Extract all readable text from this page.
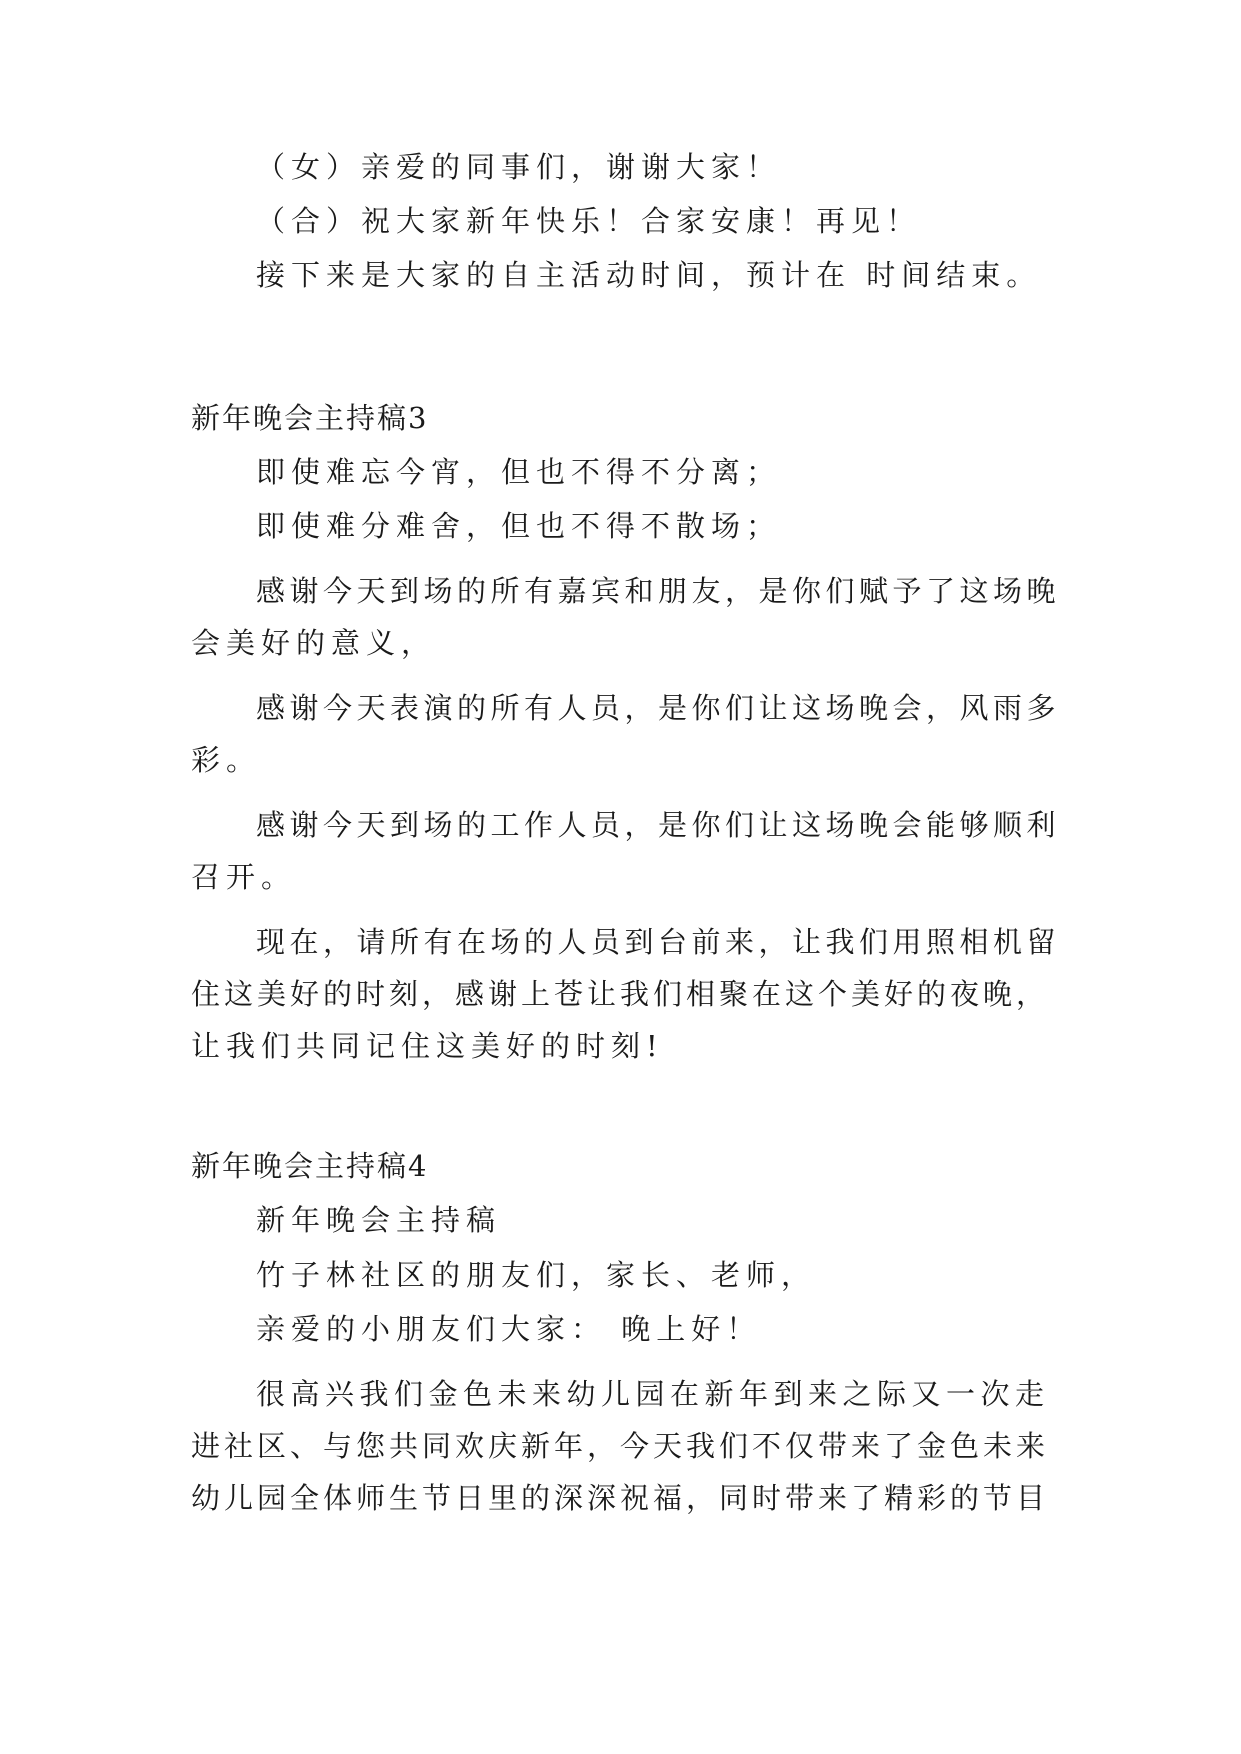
（女）亲爱的同事们，谢谢大家！
（合）祝大家新年快乐！合家安康！再见！
接下来是大家的自主活动时间，预计在 时间结束。
新年晚会主持稿3
即使难忘今宵，但也不得不分离；
即使难分难舍，但也不得不散场；
感谢今天到场的所有嘉宾和朋友，是你们赋予了这场晚
会美好的意义，
感谢今天表演的所有人员，是你们让这场晚会，风雨多
彩。
感谢今天到场的工作人员，是你们让这场晚会能够顺利
召开。
现在，请所有在场的人员到台前来，让我们用照相机留
住这美好的时刻，感谢上苍让我们相聚在这个美好的夜晚，
让我们共同记住这美好的时刻!
新年晚会主持稿4
新年晚会主持稿
竹子林社区的朋友们，家长、老师，
亲爱的小朋友们大家： 晚上好！
很高兴我们金色未来幼儿园在新年到来之际又一次走
进社区、与您共同欢庆新年，今天我们不仅带来了金色未来
幼儿园全体师生节日里的深深祝福，同时带来了精彩的节目
